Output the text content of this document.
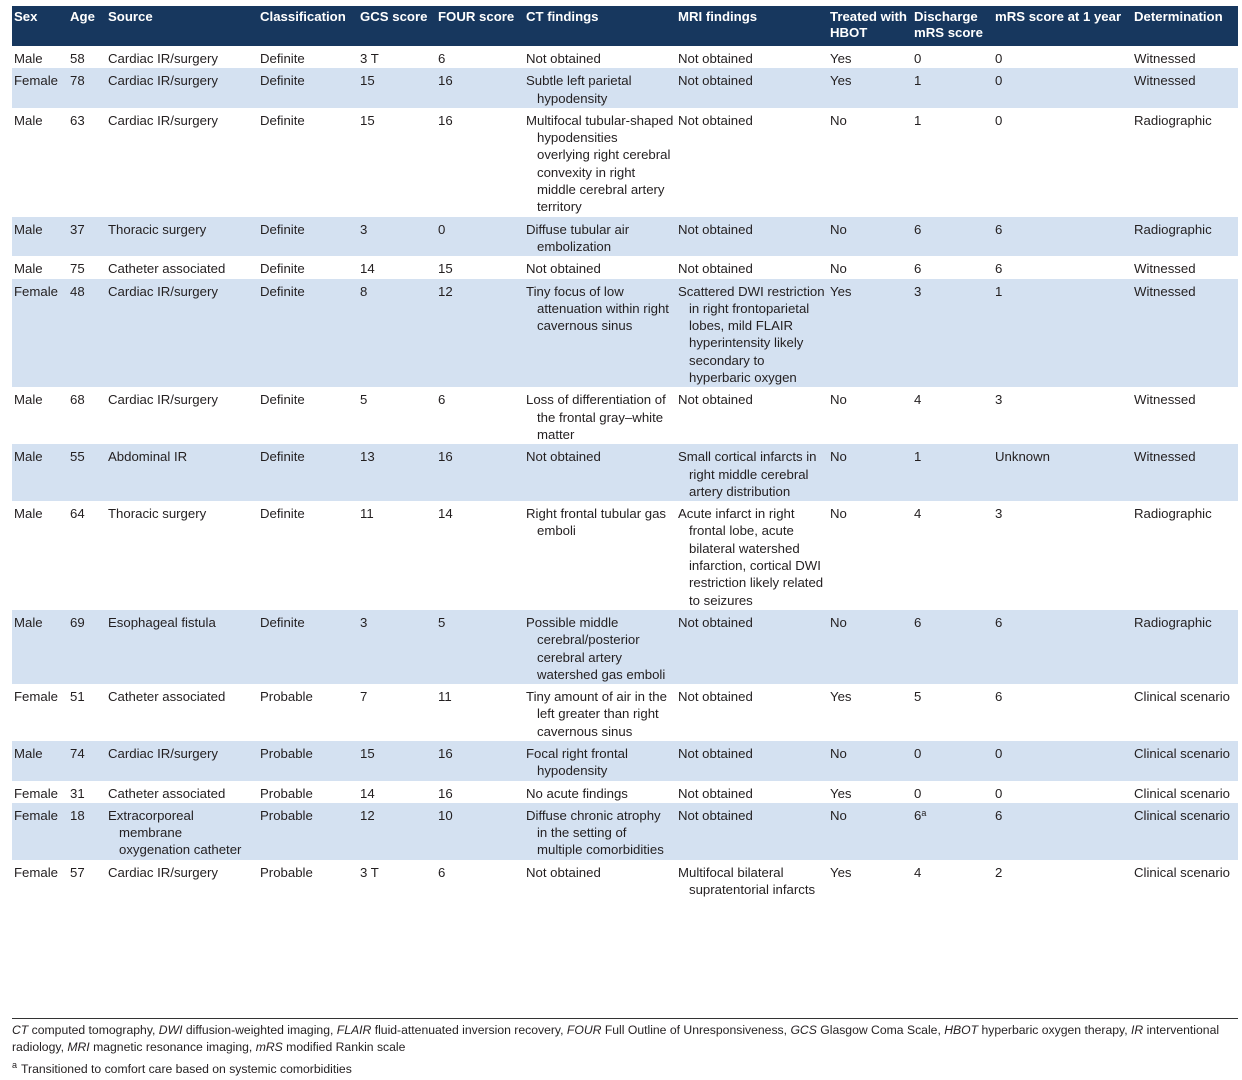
Sex	Age	Source	Classification	GCS score	FOUR score	CT findings	MRI findings	Treated with HBOT	Discharge mRS score	mRS score at 1 year	Determination
Male	58	Cardiac IR/surgery	Definite	3 T	6	Not obtained	Not obtained	Yes	0	0	Witnessed
Female	78	Cardiac IR/surgery	Definite	15	16	Subtle left parietal hypodensity	Not obtained	Yes	1	0	Witnessed
Male	63	Cardiac IR/surgery	Definite	15	16	Multifocal tubular-shaped hypodensities overlying right cerebral convexity in right middle cerebral artery territory	Not obtained	No	1	0	Radiographic
Male	37	Thoracic surgery	Definite	3	0	Diffuse tubular air embolization	Not obtained	No	6	6	Radiographic
Male	75	Catheter associated	Definite	14	15	Not obtained	Not obtained	No	6	6	Witnessed
Female	48	Cardiac IR/surgery	Definite	8	12	Tiny focus of low attenuation within right cavernous sinus	Scattered DWI restriction in right frontoparietal lobes, mild FLAIR hyperintensity likely secondary to hyperbaric oxygen	Yes	3	1	Witnessed
Male	68	Cardiac IR/surgery	Definite	5	6	Loss of differentiation of the frontal gray–white matter	Not obtained	No	4	3	Witnessed
Male	55	Abdominal IR	Definite	13	16	Not obtained	Small cortical infarcts in right middle cerebral artery distribution	No	1	Unknown	Witnessed
Male	64	Thoracic surgery	Definite	11	14	Right frontal tubular gas emboli	Acute infarct in right frontal lobe, acute bilateral watershed infarction, cortical DWI restriction likely related to seizures	No	4	3	Radiographic
Male	69	Esophageal fistula	Definite	3	5	Possible middle cerebral/posterior cerebral artery watershed gas emboli	Not obtained	No	6	6	Radiographic
Female	51	Catheter associated	Probable	7	11	Tiny amount of air in the left greater than right cavernous sinus	Not obtained	Yes	5	6	Clinical scenario
Male	74	Cardiac IR/surgery	Probable	15	16	Focal right frontal hypodensity	Not obtained	No	0	0	Clinical scenario
Female	31	Catheter associated	Probable	14	16	No acute findings	Not obtained	Yes	0	0	Clinical scenario
Female	18	Extracorporeal membrane oxygenation catheter	Probable	12	10	Diffuse chronic atrophy in the setting of multiple comorbidities	Not obtained	No	6$^a$	6	Clinical scenario
Female	57	Cardiac IR/surgery	Probable	3 T	6	Not obtained	Multifocal bilateral supratentorial infarcts	Yes	4	2	Clinical scenario
CT computed tomography, DWI diffusion-weighted imaging, FLAIR fluid-attenuated inversion recovery, FOUR Full Outline of Unresponsiveness, GCS Glasgow Coma Scale, HBOT hyperbaric oxygen therapy, IR interventional radiology, MRI magnetic resonance imaging, mRS modified Rankin scale
$^a$ Transitioned to comfort care based on systemic comorbidities
